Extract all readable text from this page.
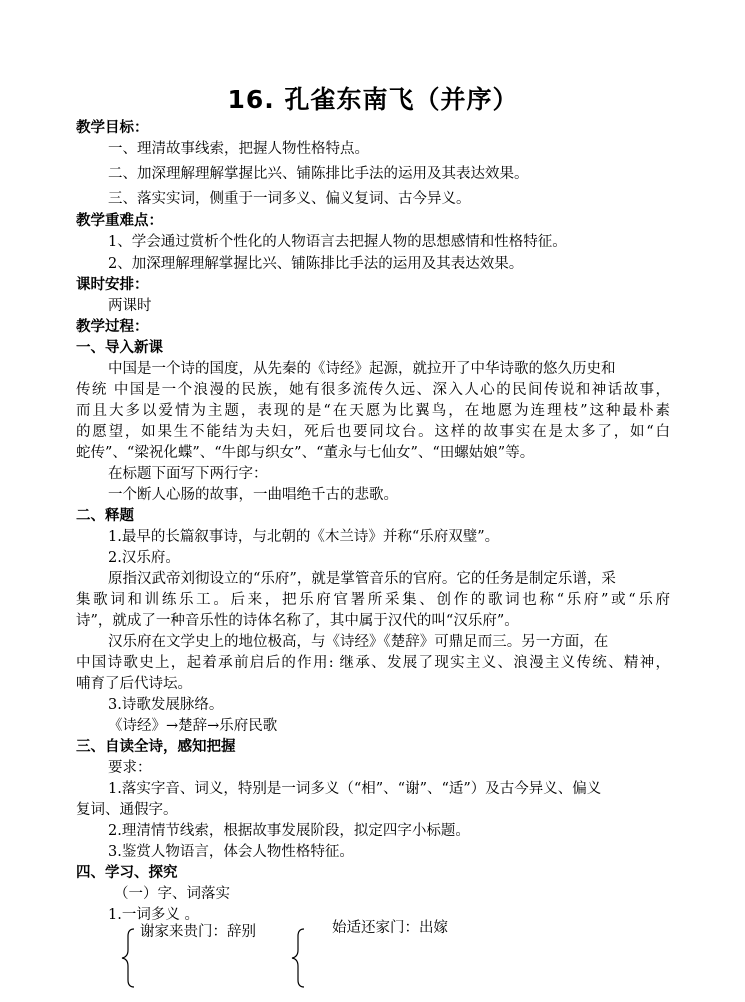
16. 孔雀东南飞（并序）
教学目标：
一、理清故事线索，把握人物性格特点。
二、加深理解理解掌握比兴、铺陈排比手法的运用及其表达效果。
三、落实实词，侧重于一词多义、偏义复词、古今异义。
教学重难点：
1、学会通过赏析个性化的人物语言去把握人物的思想感情和性格特征。
2、加深理解理解掌握比兴、铺陈排比手法的运用及其表达效果。
课时安排：
两课时
教学过程：
一、导入新课
中国是一个诗的国度，从先秦的《诗经》起源，就拉开了中华诗歌的悠久历史和
传统 中国是一个浪漫的民族，她有很多流传久远、深入人心的民间传说和神话故事，
而且大多以爱情为主题，表现的是“在天愿为比翼鸟，在地愿为连理枝”这种最朴素
的愿望，如果生不能结为夫妇，死后也要同坟台。这样的故事实在是太多了，如“白
蛇传”、“梁祝化蝶”、“牛郎与织女”、“董永与七仙女”、“田螺姑娘”等。
在标题下面写下两行字：
一个断人心肠的故事，一曲唱绝千古的悲歌。
二、释题
1.最早的长篇叙事诗，与北朝的《木兰诗》并称“乐府双璧”。
2.汉乐府。
原指汉武帝刘彻设立的“乐府”，就是掌管音乐的官府。它的任务是制定乐谱，采
集歌词和训练乐工。后来，把乐府官署所采集、创作的歌词也称“乐府”或“乐府
诗”，就成了一种音乐性的诗体名称了，其中属于汉代的叫“汉乐府”。
汉乐府在文学史上的地位极高，与《诗经》《楚辞》可鼎足而三。另一方面，在
中国诗歌史上，起着承前启后的作用: 继承、发展了现实主义、浪漫主义传统、精神，
哺育了后代诗坛。
3.诗歌发展脉络。
《诗经》→楚辞→乐府民歌
三、自读全诗，感知把握
要求：
1.落实字音、词义，特别是一词多义（“相”、“谢”、“适”）及古今异义、偏义
复词、通假字。
2.理清情节线索，根据故事发展阶段，拟定四字小标题。
3.鉴赏人物语言，体会人物性格特征。
四、学习、探究
（一）字、词落实
1.一词多义 。
谢家来贵门：辞别	始适还家门：出嫁
